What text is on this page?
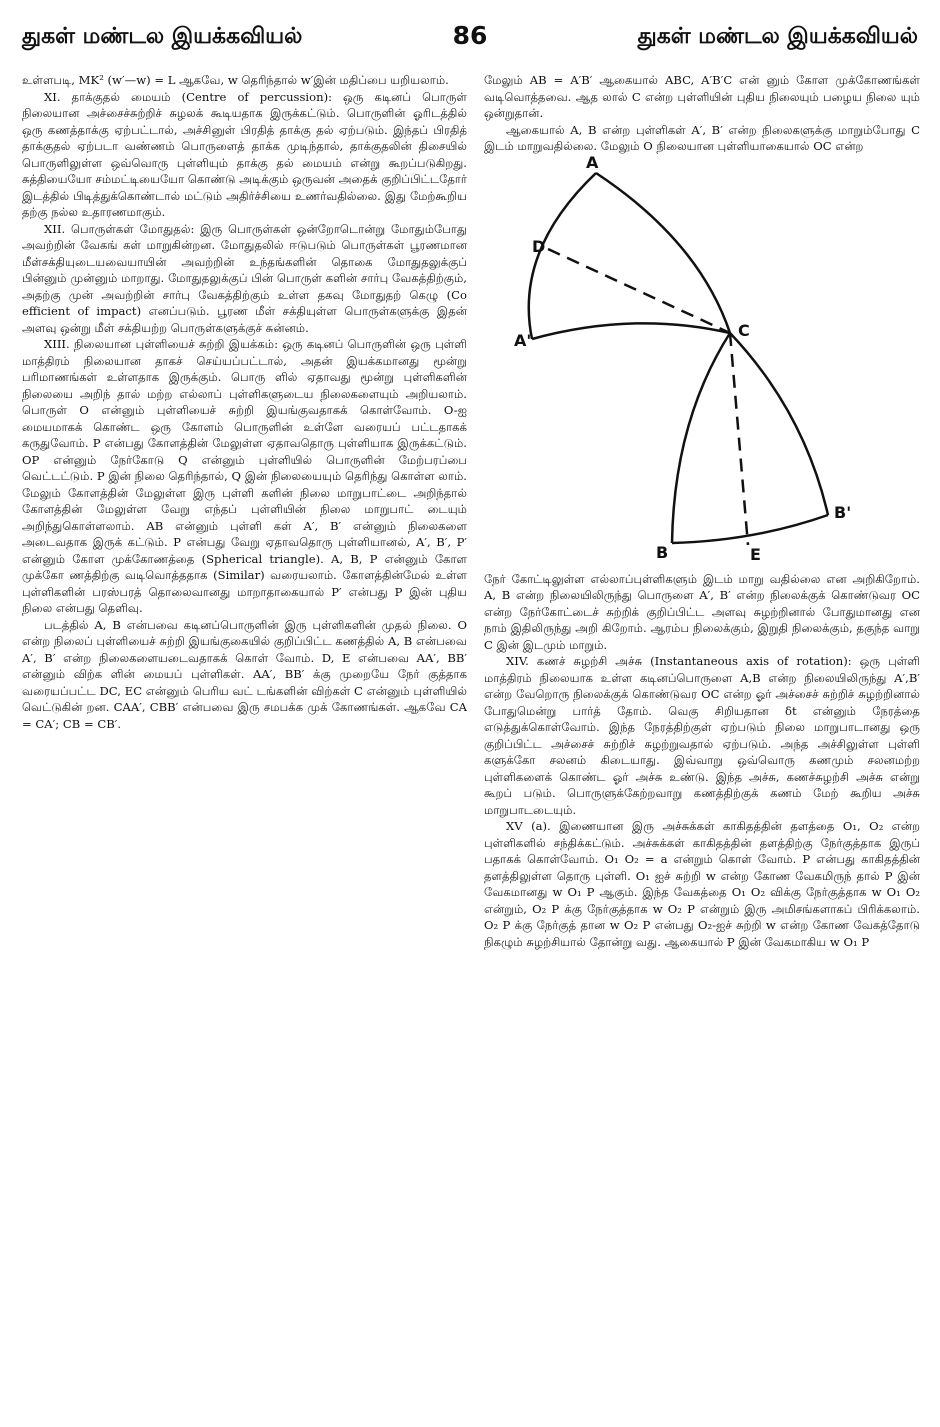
துகள் மண்டல இயக்கவியல்	86	துகள் மண்டல இயக்கவியல்

உள்ளபடி, MK² (w′—w) = L ஆகவே, w தெரிந்தால் w′இன் மதிப்பை யறியலாம்.

XI. தாக்குதல் மையம் (Centre of percussion): ஒரு கடினப் பொருள் நிலையான அச்சைச்சுற்றிச் சுழலக் கூடியதாக இருக்கட்டும். பொருளின் ஓரிடத்தில் ஒரு கணத்தாக்கு ஏற்பட்டால், அச்சினுள் பிரதித் தாக்கு தல் ஏற்படும். இந்தப் பிரதித் தாக்குதல் ஏற்படா வண்ணம் பொருளைத் தாக்க முடிந்தால், தாக்குதலின் திசையில் பொருளிலுள்ள ஒவ்வொரு புள்ளியும் தாக்கு தல் மையம் என்று கூறப்படுகிறது. சுத்தியையோ சம்மட்டியையோ கொண்டு அடிக்கும் ஒருவன் அதைக் குறிப்பிட்டதோர் இடத்தில் பிடித்துக்கொண்டால் மட்டும் அதிர்ச்சியை உணர்வதில்லை. இது மேற்கூறிய தற்கு நல்ல உதாரணமாகும்.

XII. பொருள்கள் மோதுதல்: இரு பொருள்கள் ஒன்றோடொன்று மோதும்போது அவற்றின் வேகங் கள் மாறுகின்றன. மோதுதலில் ஈடுபடும் பொருள்கள் பூரணமான மீள்சக்தியுடையவையாயின் அவற்றின் உந்தங்களின் தொகை மோதுதலுக்குப் பின்னும் முன்னும் மாறாது. மோதுதலுக்குப் பின் பொருள் களின் சார்பு வேகத்திற்கும், அதற்கு முன் அவற்றின் சார்பு வேகத்திற்கும் உள்ள தகவு மோதுதற் கெழு (Co efficient of impact) எனப்படும். பூரண மீள் சக்தியுள்ள பொருள்களுக்கு இதன் அளவு ஒன்று மீள் சக்தியற்ற பொருள்களுக்குச் சுன்னம்.

XIII. நிலையான புள்ளியைச் சுற்றி இயக்கம்: ஒரு கடினப் பொருளின் ஒரு புள்ளி மாத்திரம் நிலையான தாகச் செய்யப்பட்டால், அதன் இயக்கமானது மூன்று பரிமாணங்கள் உள்ளதாக இருக்கும். பொரு ளில் ஏதாவது மூன்று புள்ளிகளின் நிலையை அறிந் தால் மற்ற எல்லாப் புள்ளிகளுடைய நிலைகளையும் அறியலாம். பொருள் O என்னும் புள்ளியைச் சுற்றி இயங்குவதாகக் கொள்வோம். O-ஐ மையமாகக் கொண்ட ஒரு கோளம் பொருளின் உள்ளே வரையப் பட்டதாகக் கருதுவோம். P என்பது கோளத்தின் மேலுள்ள ஏதாவதொரு புள்ளியாக இருக்கட்டும். OP என்னும் நேர்கோடு Q என்னும் புள்ளியில் பொருளின் மேற்பரப்பை வெட்டட்டும். P இன் நிலை தெரிந்தால், Q இன் நிலையையும் தெரிந்து கொள்ள லாம். மேலும் கோளத்தின் மேலுள்ள இரு புள்ளி களின் நிலை மாறுபாட்டை அறிந்தால் கோளத்தின் மேலுள்ள வேறு எந்தப் புள்ளியின் நிலை மாறுபாட் டையும் அறிந்துகொள்ளலாம். AB என்னும் புள்ளி கள் A′, B′ என்னும் நிலைகளை அடைவதாக இருக் கட்டும். P என்பது வேறு ஏதாவதொரு புள்ளியானல், A′, B′, P′ என்னும் கோள முக்கோணத்தை (Spherical triangle). A, B, P என்னும் கோள முக்கோ ணத்திற்கு வடிவொத்ததாக (Similar) வரையலாம். கோளத்தின்மேல் உள்ள புள்ளிகளின் பரஸ்பரத் தொலைவானது மாறாதாகையால் P′ என்பது P இன் புதிய நிலை என்பது தெளிவு.

படத்தில் A, B என்பவை கடினப்பொருளின் இரு புள்ளிகளின் முதல் நிலை. O என்ற நிலைப் புள்ளியைச் சுற்றி இயங்குகையில் குறிப்பிட்ட கணத்தில் A, B என்பவை A′, B′ என்ற நிலைகளையடைவதாகக் கொள் வோம். D, E என்பவை AA′, BB′ என்னும் விற்க ளின் மையப் புள்ளிகள். AA′, BB′ க்கு முறையே நேர் குத்தாக வரையப்பட்ட DC, EC என்னும் பெரிய வட் டங்களின் விற்கள் C என்னும் புள்ளியில் வெட்டுகின் றன. CAA′, CBB′ என்பவை இரு சமபக்க முக் கோணங்கள். ஆகவே CA = CA′; CB = CB′.

மேலும் AB = A′B′ ஆகையால் ABC, A′B′C என் னும் கோள முக்கோணங்கள் வடிவொத்தவை. ஆத லால் C என்ற புள்ளியின் புதிய நிலையும் பழைய நிலை யும் ஒன்றுதான்.

ஆகையால் A, B என்ற புள்ளிகள் A′, B′ என்ற நிலைகளுக்கு மாறும்போது C இடம் மாறுவதில்லை. மேலும் O நிலையான புள்ளியாகையால் OC என்ற

A
D
A'
C
B	E
B'

நேர் கோட்டிலுள்ள எல்லாப்புள்ளிகளும் இடம் மாறு வதில்லை என அறிகிறோம். A, B என்ற நிலையிலிருந்து பொருளை A′, B′ என்ற நிலைக்குக் கொண்டுவர OC என்ற நேர்கோட்டைச் சுற்றிக் குறிப்பிட்ட அளவு சுழற்றினால் போதுமானது என நாம் இதிலிருந்து அறி கிறோம். ஆரம்ப நிலைக்கும், இறுதி நிலைக்கும், தகுந்த வாறு C இன் இடமும் மாறும்.

XIV. கணச் சுழற்சி அச்சு (Instantaneous axis of rotation): ஒரு புள்ளி மாத்திரம் நிலையாக உள்ள கடினப்பொருளை A,B என்ற நிலையிலிருந்து A′,B′ என்ற வேறொரு நிலைக்குக் கொண்டுவர OC என்ற ஓர் அச்சைச் சுற்றிச் சுழற்றினால் போதுமென்று பார்த் தோம். வெகு சிறியதான δt என்னும் நேரத்தை எடுத்துக்கொள்வோம். இந்த நேரத்திற்குள் ஏற்படும் நிலை மாறுபாடானது ஒரு குறிப்பிட்ட அச்சைச் சுற்றிச் சுழற்றுவதால் ஏற்படும். அந்த அச்சிலுள்ள புள்ளி களுக்கோ சலனம் கிடையாது. இவ்வாறு ஒவ்வொரு கணமும் சலனமற்ற புள்ளிகளைக் கொண்ட ஓர் அச்சு உண்டு. இந்த அச்சு, கணச்சுழற்சி அச்சு என்று கூறப் படும். பொருளுக்கேற்றவாறு கணத்திற்குக் கணம் மேற் கூறிய அச்சு மாறுபாடடையும்.

XV (a). இணையான இரு அச்சுக்கள் காகிதத்தின் தளத்தை O₁, O₂ என்ற புள்ளிகளில் சந்திக்கட்டும். அச்சுக்கள் காகிதத்தின் தளத்திற்கு நேர்குத்தாக இருப் பதாகக் கொள்வோம். O₁ O₂ = a என்றும் கொள் வோம். P என்பது காகிதத்தின் தளத்திலுள்ள தொரு புள்ளி. O₁ ஐச் சுற்றி w என்ற கோண வேகமிருந் தால் P இன் வேகமானது w O₁ P ஆகும். இந்த வேகத்தை O₁ O₂ விக்கு நேர்குத்தாக w O₁ O₂ என்றும், O₂ P க்கு நேர்குத்தாக w O₂ P என்றும் இரு அமிசங்களாகப் பிரிக்கலாம். O₂ P க்கு நேர்குத் தான w O₂ P என்பது O₂-ஐச் சுற்றி w என்ற கோண வேகத்தோடு நிகழும் சுழற்சியால் தோன்று வது. ஆகையால் P இன் வேகமாகிய w O₁ P
